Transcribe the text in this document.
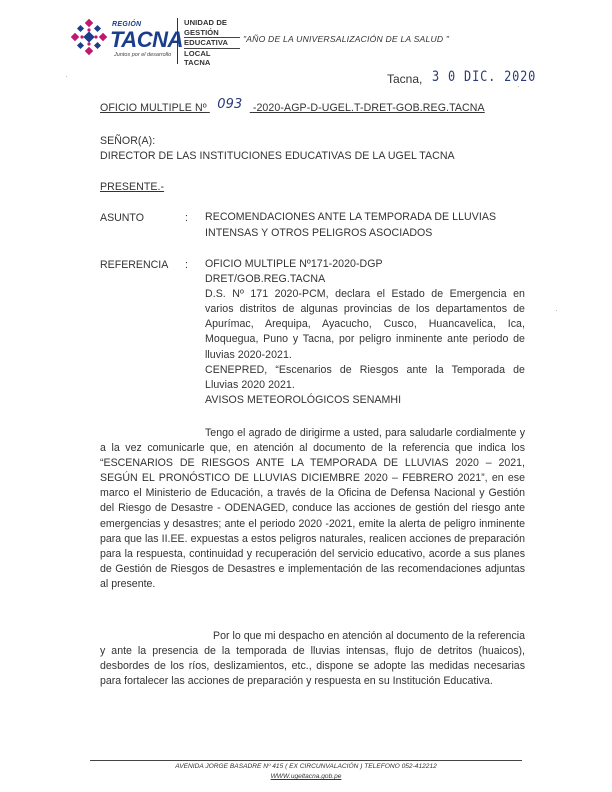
REGIÓN
TACNA
Juntos por el desarrollo
UNIDAD DE
GESTIÓN
EDUCATIVA
LOCAL TACNA
"AÑO DE LA UNIVERSALIZACIÓN DE LA SALUD "
Tacna, 3 0 DIC. 2020
OFICIO MULTIPLE Nº 093 -2020-AGP-D-UGEL.T-DRET-GOB.REG.TACNA
SEÑOR(A):
DIRECTOR DE LAS INSTITUCIONES EDUCATIVAS DE LA UGEL TACNA
PRESENTE.-
ASUNTO	: RECOMENDACIONES ANTE LA TEMPORADA DE LLUVIAS
INTENSAS Y OTROS PELIGROS ASOCIADOS
REFERENCIA : OFICIO MULTIPLE Nº171-2020-DGP
DRET/GOB.REG.TACNA
D.S. Nº 171 2020-PCM, declara el Estado de Emergencia en varios distritos de algunas provincias de los departamentos de Apurímac, Arequipa, Ayacucho, Cusco, Huancavelica, Ica, Moquegua, Puno y Tacna, por peligro inminente ante periodo de lluvias 2020-2021.
CENEPRED, “Escenarios de Riesgos ante la Temporada de Lluvias 2020 2021.
AVISOS METEOROLÓGICOS SENAMHI
Tengo el agrado de dirigirme a usted, para saludarle cordialmente y a la vez comunicarle que, en atención al documento de la referencia que indica los “ESCENARIOS DE RIESGOS ANTE LA TEMPORADA DE LLUVIAS 2020 – 2021, SEGÚN EL PRONÓSTICO DE LLUVIAS DICIEMBRE 2020 – FEBRERO 2021”, en ese marco el Ministerio de Educación, a través de la Oficina de Defensa Nacional y Gestión del Riesgo de Desastre - ODENAGED, conduce las acciones de gestión del riesgo ante emergencias y desastres; ante el periodo 2020 -2021, emite la alerta de peligro inminente para que las II.EE. expuestas a estos peligros naturales, realicen acciones de preparación para la respuesta, continuidad y recuperación del servicio educativo, acorde a sus planes de Gestión de Riesgos de Desastres e implementación de las recomendaciones adjuntas al presente.
Por lo que mi despacho en atención al documento de la referencia y ante la presencia de la temporada de lluvias intensas, flujo de detritos (huaicos), desbordes de los ríos, deslizamientos, etc., dispone se adopte las medidas necesarias para fortalecer las acciones de preparación y respuesta en su Institución Educativa.
AVENIDA JORGE BASADRE Nº 415 ( EX CIRCUNVALACIÓN ) TELEFONO 052-412212
WWW.ugeltacna.gob.pe
